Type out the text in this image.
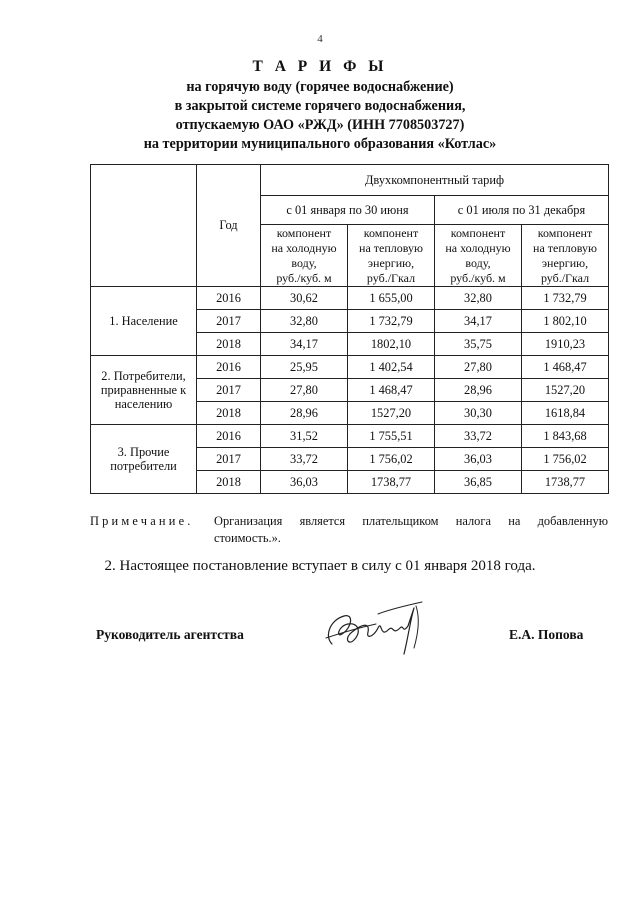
4
Т А Р И Ф Ы
на горячую воду (горячее водоснабжение)
в закрытой системе горячего водоснабжения,
отпускаемую ОАО «РЖД» (ИНН 7708503727)
на территории муниципального образования «Котлас»
	Год	Двухкомпонентный тариф			
		с 01 января по 30 июня		с 01 июля по 31 декабря	
		компонент
на холодную
воду,
руб./куб. м	компонент
на тепловую
энергию,
руб./Гкал	компонент
на холодную
воду,
руб./куб. м	компонент
на тепловую
энергию,
руб./Гкал
1. Население	2016	30,62	1 655,00	32,80	1 732,79
	2017	32,80	1 732,79	34,17	1 802,10
	2018	34,17	1802,10	35,75	1910,23
2. Потребители, приравненные к населению	2016	25,95	1 402,54	27,80	1 468,47
	2017	27,80	1 468,47	28,96	1527,20
	2018	28,96	1527,20	30,30	1618,84
3. Прочие потребители	2016	31,52	1 755,51	33,72	1 843,68
	2017	33,72	1 756,02	36,03	1 756,02
	2018	36,03	1738,77	36,85	1738,77
Примечание. Организация является плательщиком налога на добавленную
стоимость.».
2. Настоящее постановление вступает в силу с 01 января 2018 года.
Руководитель агентства	Е.А. Попова
